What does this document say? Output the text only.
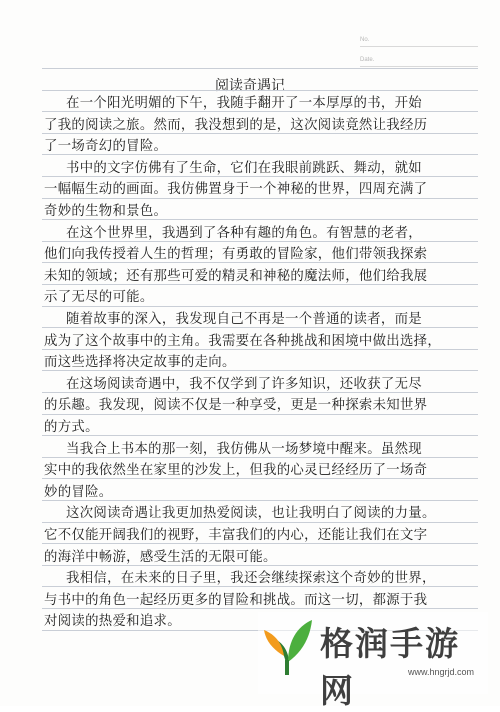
No.
Date.
阅读奇遇记
在一个阳光明媚的下午，我随手翻开了一本厚厚的书，开始
了我的阅读之旅。然而，我没想到的是，这次阅读竟然让我经历
了一场奇幻的冒险。
书中的文字仿佛有了生命，它们在我眼前跳跃、舞动，就如
一幅幅生动的画面。我仿佛置身于一个神秘的世界，四周充满了
奇妙的生物和景色。
在这个世界里，我遇到了各种有趣的角色。有智慧的老者，
他们向我传授着人生的哲理；有勇敢的冒险家，他们带领我探索
未知的领域；还有那些可爱的精灵和神秘的魔法师，他们给我展
示了无尽的可能。
随着故事的深入，我发现自己不再是一个普通的读者，而是
成为了这个故事中的主角。我需要在各种挑战和困境中做出选择，
而这些选择将决定故事的走向。
在这场阅读奇遇中，我不仅学到了许多知识，还收获了无尽
的乐趣。我发现，阅读不仅是一种享受，更是一种探索未知世界
的方式。
当我合上书本的那一刻，我仿佛从一场梦境中醒来。虽然现
实中的我依然坐在家里的沙发上，但我的心灵已经经历了一场奇
妙的冒险。
这次阅读奇遇让我更加热爱阅读，也让我明白了阅读的力量。
它不仅能开阔我们的视野，丰富我们的内心，还能让我们在文字
的海洋中畅游，感受生活的无限可能。
我相信，在未来的日子里，我还会继续探索这个奇妙的世界，
与书中的角色一起经历更多的冒险和挑战。而这一切，都源于我
对阅读的热爱和追求。
格润手游网	www.hngrjd.com
